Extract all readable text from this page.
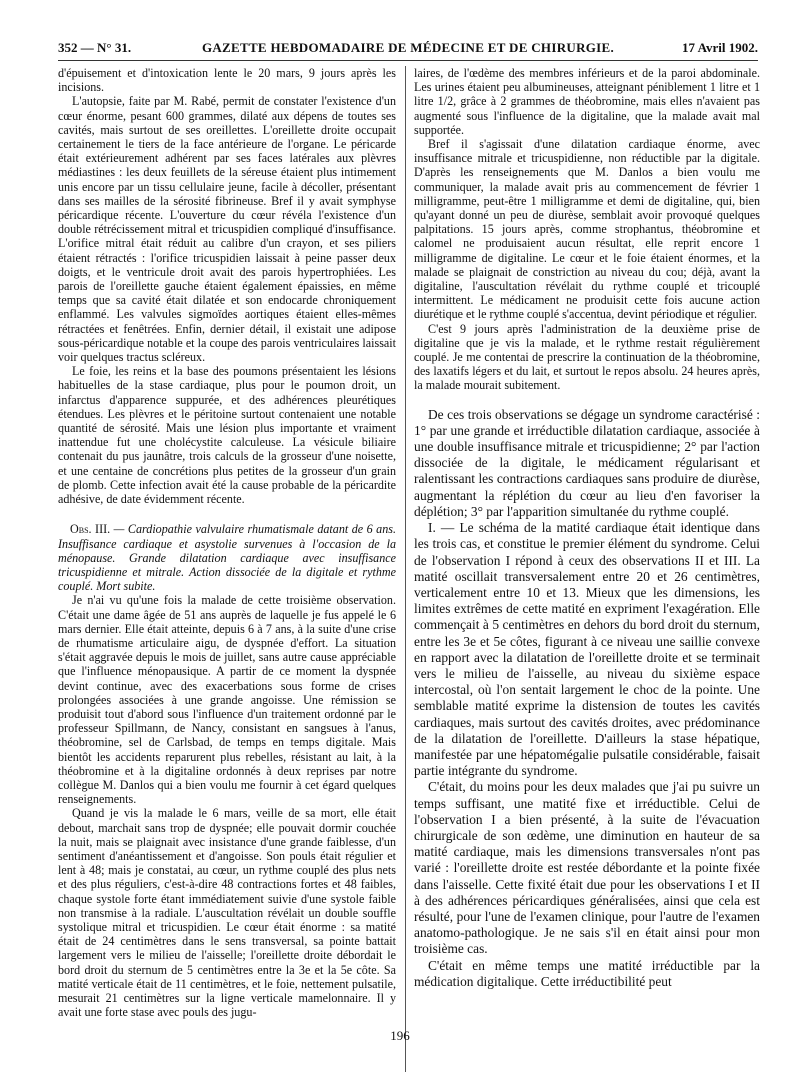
352 — N° 31.	GAZETTE HEBDOMADAIRE DE MÉDECINE ET DE CHIRURGIE.	17 Avril 1902.

d'épuisement et d'intoxication lente le 20 mars, 9 jours après les incisions.

L'autopsie, faite par M. Rabé, permit de constater l'existence d'un cœur énorme, pesant 600 grammes, dilaté aux dépens de toutes ses cavités, mais surtout de ses oreillettes. L'oreillette droite occupait certainement le tiers de la face antérieure de l'organe. Le péricarde était extérieurement adhérent par ses faces latérales aux plèvres médiastines : les deux feuillets de la séreuse étaient plus intimement unis encore par un tissu cellulaire jeune, facile à décoller, présentant dans ses mailles de la sérosité fibrineuse. Bref il y avait symphyse péricardique récente. L'ouverture du cœur révéla l'existence d'un double rétrécissement mitral et tricuspidien compliqué d'insuffisance. L'orifice mitral était réduit au calibre d'un crayon, et ses piliers étaient rétractés : l'orifice tricuspidien laissait à peine passer deux doigts, et le ventricule droit avait des parois hypertrophiées. Les parois de l'oreillette gauche étaient également épaissies, en même temps que sa cavité était dilatée et son endocarde chroniquement enflammé. Les valvules sigmoïdes aortiques étaient elles-mêmes rétractées et fenêtrées. Enfin, dernier détail, il existait une adipose sous-péricardique notable et la coupe des parois ventriculaires laissait voir quelques tractus scléreux.

Le foie, les reins et la base des poumons présentaient les lésions habituelles de la stase cardiaque, plus pour le poumon droit, un infarctus d'apparence suppurée, et des adhérences pleurétiques étendues. Les plèvres et le péritoine surtout contenaient une notable quantité de sérosité. Mais une lésion plus importante et vraiment inattendue fut une cholécystite calculeuse. La vésicule biliaire contenait du pus jaunâtre, trois calculs de la grosseur d'une noisette, et une centaine de concrétions plus petites de la grosseur d'un grain de plomb. Cette infection avait été la cause probable de la péricardite adhésive, de date évidemment récente.

Obs. III. — Cardiopathie valvulaire rhumatismale datant de 6 ans. Insuffisance cardiaque et asystolie survenues à l'occasion de la ménopause. Grande dilatation cardiaque avec insuffisance tricuspidienne et mitrale. Action dissociée de la digitale et rythme couplé. Mort subite.

Je n'ai vu qu'une fois la malade de cette troisième observation. C'était une dame âgée de 51 ans auprès de laquelle je fus appelé le 6 mars dernier. Elle était atteinte, depuis 6 à 7 ans, à la suite d'une crise de rhumatisme articulaire aigu, de dyspnée d'effort. La situation s'était aggravée depuis le mois de juillet, sans autre cause appréciable que l'influence ménopausique. A partir de ce moment la dyspnée devint continue, avec des exacerbations sous forme de crises prolongées associées à une grande angoisse. Une rémission se produisit tout d'abord sous l'influence d'un traitement ordonné par le professeur Spillmann, de Nancy, consistant en sangsues à l'anus, théobromine, sel de Carlsbad, de temps en temps digitale. Mais bientôt les accidents reparurent plus rebelles, résistant au lait, à la théobromine et à la digitaline ordonnés à deux reprises par notre collègue M. Danlos qui a bien voulu me fournir à cet égard quelques renseignements.

Quand je vis la malade le 6 mars, veille de sa mort, elle était debout, marchait sans trop de dyspnée; elle pouvait dormir couchée la nuit, mais se plaignait avec insistance d'une grande faiblesse, d'un sentiment d'anéantissement et d'angoisse. Son pouls était régulier et lent à 48; mais je constatai, au cœur, un rythme couplé des plus nets et des plus réguliers, c'est-à-dire 48 contractions fortes et 48 faibles, chaque systole forte étant immédiatement suivie d'une systole faible non transmise à la radiale. L'auscultation révélait un double souffle systolique mitral et tricuspidien. Le cœur était énorme : sa matité était de 24 centimètres dans le sens transversal, sa pointe battait largement vers le milieu de l'aisselle; l'oreillette droite débordait le bord droit du sternum de 5 centimètres entre la 3e et la 5e côte. Sa matité verticale était de 11 centimètres, et le foie, nettement pulsatile, mesurait 21 centimètres sur la ligne verticale mamelonnaire. Il y avait une forte stase avec pouls des jugu-

laires, de l'œdème des membres inférieurs et de la paroi abdominale. Les urines étaient peu albumineuses, atteignant péniblement 1 litre et 1 litre 1/2, grâce à 2 grammes de théobromine, mais elles n'avaient pas augmenté sous l'influence de la digitaline, que la malade avait mal supportée.

Bref il s'agissait d'une dilatation cardiaque énorme, avec insuffisance mitrale et tricuspidienne, non réductible par la digitale. D'après les renseignements que M. Danlos a bien voulu me communiquer, la malade avait pris au commencement de février 1 milligramme, peut-être 1 milligramme et demi de digitaline, qui, bien qu'ayant donné un peu de diurèse, semblait avoir provoqué quelques palpitations. 15 jours après, comme strophantus, théobromine et calomel ne produisaient aucun résultat, elle reprit encore 1 milligramme de digitaline. Le cœur et le foie étaient énormes, et la malade se plaignait de constriction au niveau du cou; déjà, avant la digitaline, l'auscultation révélait du rythme couplé et tricouplé intermittent. Le médicament ne produisit cette fois aucune action diurétique et le rythme couplé s'accentua, devint périodique et régulier.

C'est 9 jours après l'administration de la deuxième prise de digitaline que je vis la malade, et le rythme restait régulièrement couplé. Je me contentai de prescrire la continuation de la théobromine, des laxatifs légers et du lait, et surtout le repos absolu. 24 heures après, la malade mourait subitement.

De ces trois observations se dégage un syndrome caractérisé : 1° par une grande et irréductible dilatation cardiaque, associée à une double insuffisance mitrale et tricuspidienne; 2° par l'action dissociée de la digitale, le médicament régularisant et ralentissant les contractions cardiaques sans produire de diurèse, augmentant la réplétion du cœur au lieu d'en favoriser la déplétion; 3° par l'apparition simultanée du rythme couplé.

I. — Le schéma de la matité cardiaque était identique dans les trois cas, et constitue le premier élément du syndrome. Celui de l'observation I répond à ceux des observations II et III. La matité oscillait transversalement entre 20 et 26 centimètres, verticalement entre 10 et 13. Mieux que les dimensions, les limites extrêmes de cette matité en expriment l'exagération. Elle commençait à 5 centimètres en dehors du bord droit du sternum, entre les 3e et 5e côtes, figurant à ce niveau une saillie convexe en rapport avec la dilatation de l'oreillette droite et se terminait vers le milieu de l'aisselle, au niveau du sixième espace intercostal, où l'on sentait largement le choc de la pointe. Une semblable matité exprime la distension de toutes les cavités cardiaques, mais surtout des cavités droites, avec prédominance de la dilatation de l'oreillette. D'ailleurs la stase hépatique, manifestée par une hépatomégalie pulsatile considérable, faisait partie intégrante du syndrome.

C'était, du moins pour les deux malades que j'ai pu suivre un temps suffisant, une matité fixe et irréductible. Celui de l'observation I a bien présenté, à la suite de l'évacuation chirurgicale de son œdème, une diminution en hauteur de sa matité cardiaque, mais les dimensions transversales n'ont pas varié : l'oreillette droite est restée débordante et la pointe fixée dans l'aisselle. Cette fixité était due pour les observations I et II à des adhérences péricardiques généralisées, ainsi que cela est résulté, pour l'une de l'examen clinique, pour l'autre de l'examen anatomo-pathologique. Je ne sais s'il en était ainsi pour mon troisième cas.

C'était en même temps une matité irréductible par la médication digitalique. Cette irréductibilité peut

196
